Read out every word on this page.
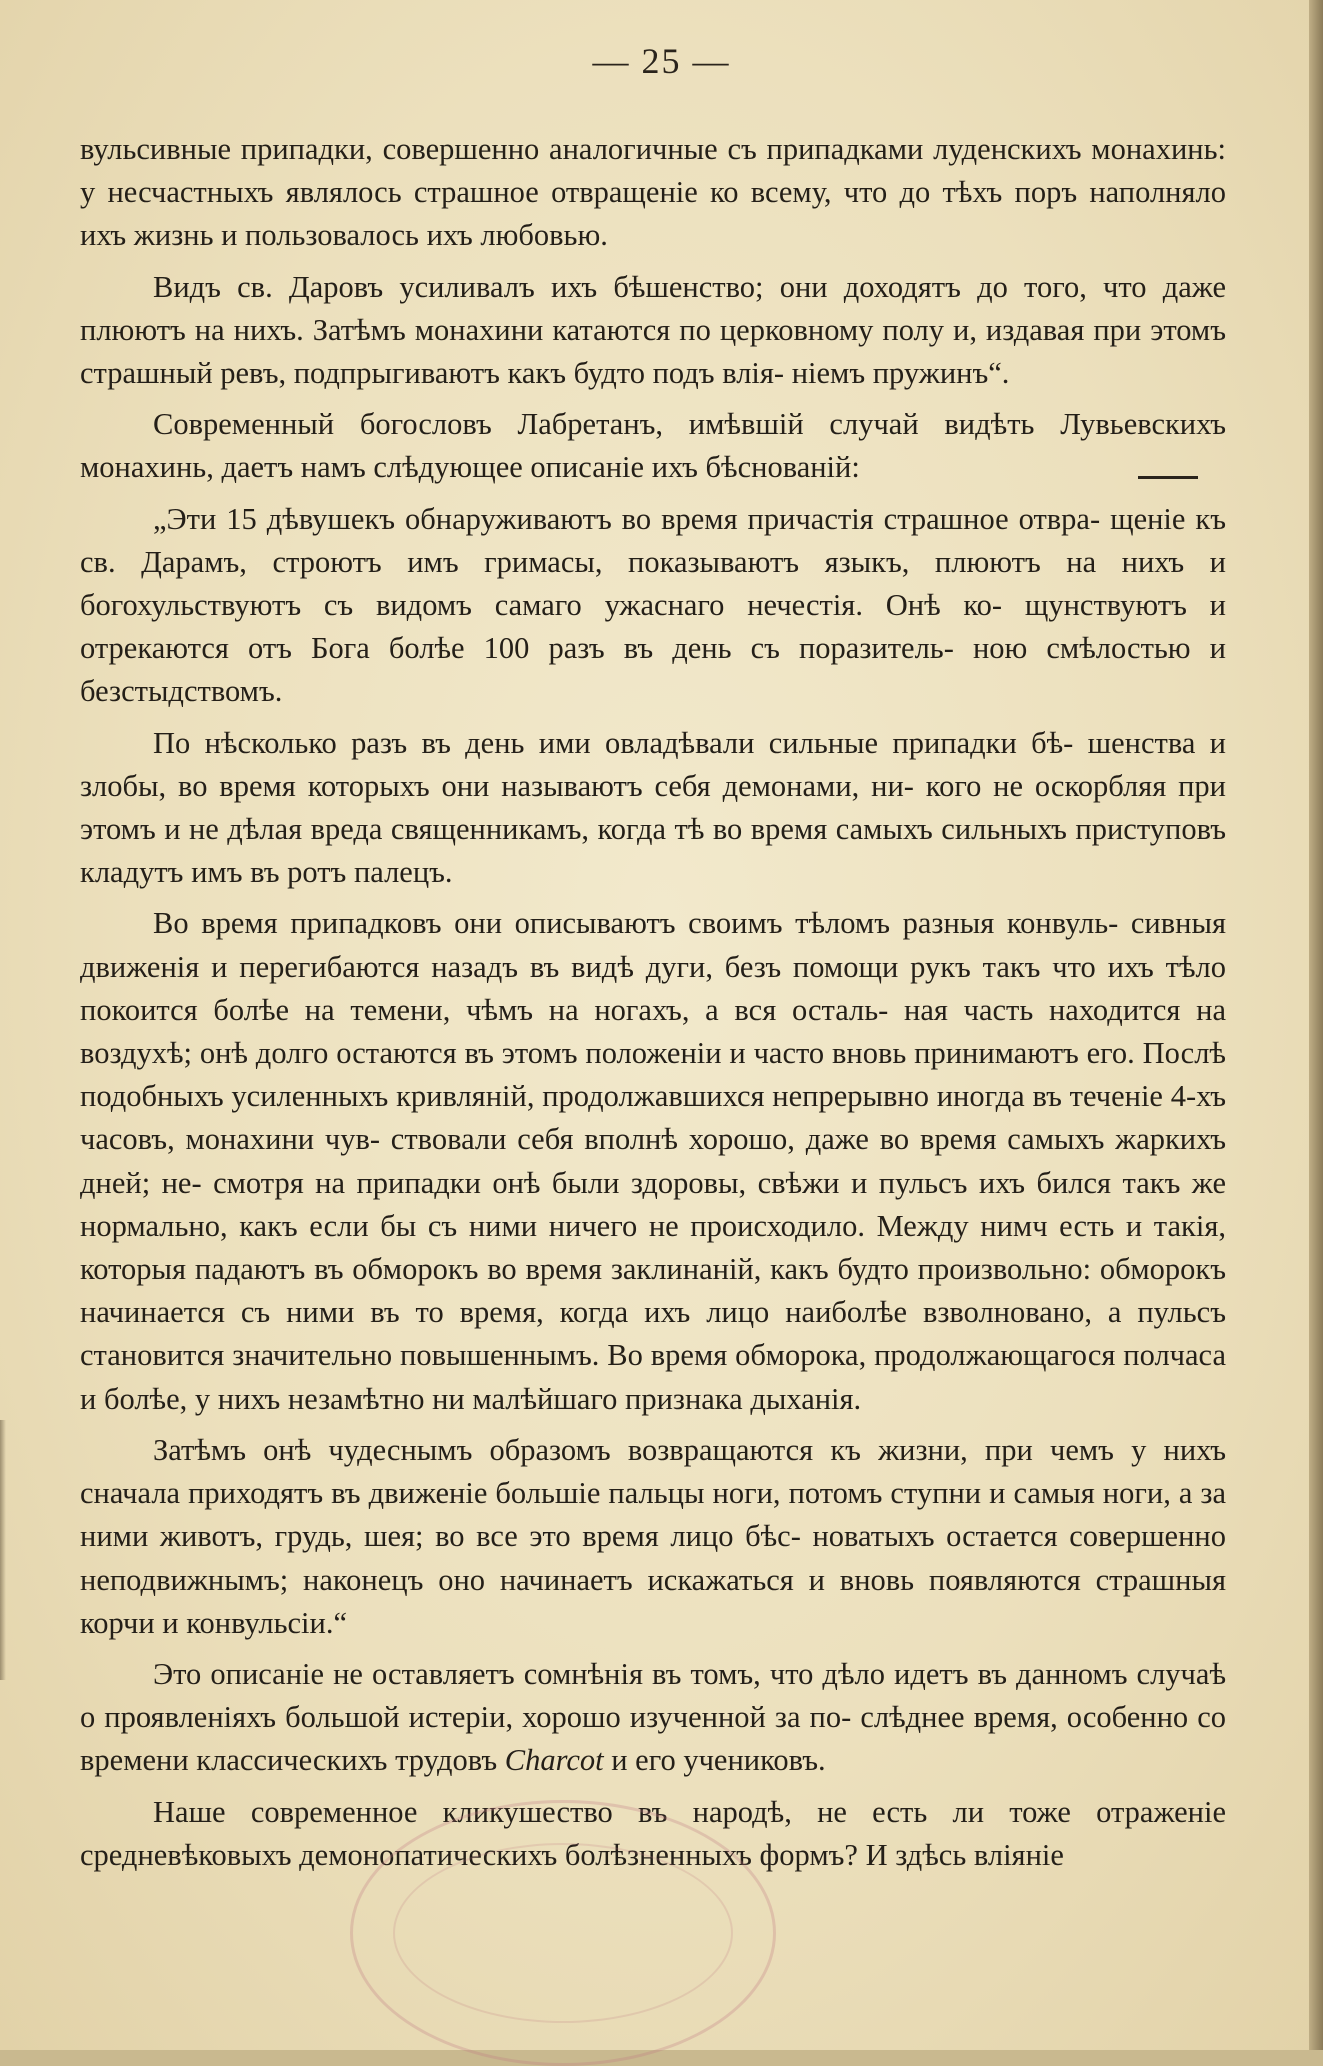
— 25 —

вульсивные припадки, совершенно аналогичные съ припадками луденскихъ монахинь: у несчастныхъ являлось страшное отвращеніе ко всему, что до тѣхъ поръ наполняло ихъ жизнь и пользовалось ихъ любовью.

Видъ св. Даровъ усиливалъ ихъ бѣшенство; они доходятъ до того, что даже плюютъ на нихъ. Затѣмъ монахини катаются по церковному полу и, издавая при этомъ страшный ревъ, подпрыгиваютъ какъ будто подъ влія- ніемъ пружинъ“.

Современный богословъ Лабретанъ, имѣвшій случай видѣть Лувьевскихъ монахинь, даетъ намъ слѣдующее описаніе ихъ бѣснованій:

„Эти 15 дѣвушекъ обнаруживаютъ во время причастія страшное отвра- щеніе къ св. Дарамъ, строютъ имъ гримасы, показываютъ языкъ, плюютъ на нихъ и богохульствуютъ съ видомъ самаго ужаснаго нечестія. Онѣ ко- щунствуютъ и отрекаются отъ Бога болѣе 100 разъ въ день съ поразитель- ною смѣлостью и безстыдствомъ.

По нѣсколько разъ въ день ими овладѣвали сильные припадки бѣ- шенства и злобы, во время которыхъ они называютъ себя демонами, ни- кого не оскорбляя при этомъ и не дѣлая вреда священникамъ, когда тѣ во время самыхъ сильныхъ приступовъ кладутъ имъ въ ротъ палецъ.

Во время припадковъ они описываютъ своимъ тѣломъ разныя конвуль- сивныя движенія и перегибаются назадъ въ видѣ дуги, безъ помощи рукъ такъ что ихъ тѣло покоится болѣе на темени, чѣмъ на ногахъ, а вся осталь- ная часть находится на воздухѣ; онѣ долго остаются въ этомъ положеніи и часто вновь принимаютъ его. Послѣ подобныхъ усиленныхъ кривляній, продолжавшихся непрерывно иногда въ теченіе 4-хъ часовъ, монахини чув- ствовали себя вполнѣ хорошо, даже во время самыхъ жаркихъ дней; не- смотря на припадки онѣ были здоровы, свѣжи и пульсъ ихъ бился такъ же нормально, какъ если бы съ ними ничего не происходило. Между нимч есть и такія, которыя падаютъ въ обморокъ во время заклинаній, какъ будто произвольно: обморокъ начинается съ ними въ то время, когда ихъ лицо наиболѣе взволновано, а пульсъ становится значительно повышеннымъ. Во время обморока, продолжающагося полчаса и болѣе, у нихъ незамѣтно ни малѣйшаго признака дыханія.

Затѣмъ онѣ чудеснымъ образомъ возвращаются къ жизни, при чемъ у нихъ сначала приходятъ въ движеніе большіе пальцы ноги, потомъ ступни и самыя ноги, а за ними животъ, грудь, шея; во все это время лицо бѣс- новатыхъ остается совершенно неподвижнымъ; наконецъ оно начинаетъ искажаться и вновь появляются страшныя корчи и конвульсіи.“

Это описаніе не оставляетъ сомнѣнія въ томъ, что дѣло идетъ въ данномъ случаѣ о проявленіяхъ большой истеріи, хорошо изученной за по- слѣднее время, особенно со времени классическихъ трудовъ Charcot и его учениковъ.

Наше современное кликушество въ народѣ, не есть ли тоже отраженіе средневѣковыхъ демонопатическихъ болѣзненныхъ формъ? И здѣсь вліяніе
